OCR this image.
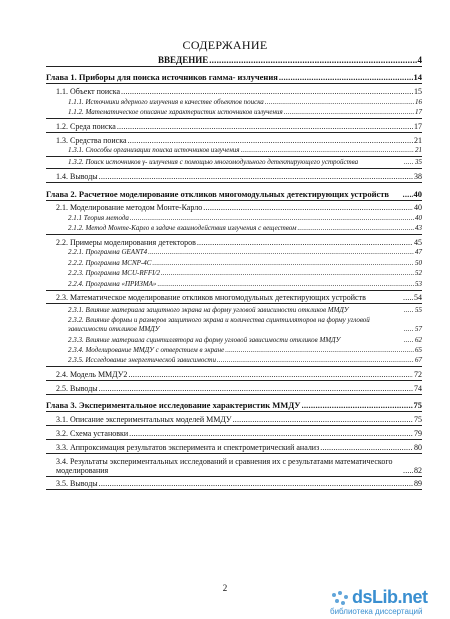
СОДЕРЖАНИЕ
ВВЕДЕНИЕ .....	4
Глава 1. Приборы для поиска источников гамма- излучения .....	14
1.1. Объект поиска .....	15
1.1.1. Источники ядерного излучения в качестве объектов поиска .....	16
1.1.2. Математическое описание характеристик источников излучения .....	17
1.2. Среда поиска .....	17
1.3. Средства поиска .....	21
1.3.1. Способы организации поиска источников излучения .....	21
1.3.2. Поиск источников γ- излучения с помощью многомодульного детектирующего устройства .....	35
1.4. Выводы .....	38
Глава 2. Расчетное моделирование откликов многомодульных детектирующих устройств .....	40
2.1. Моделирование методом Монте-Карло .....	40
2.1.1 Теория метода .....	40
2.1.2. Метод Монте-Карло в задаче взаимодействия излучения с веществом .....	43
2.2. Примеры моделирования детекторов .....	45
2.2.1. Программа GEANT4 .....	47
2.2.2. Программа MCNP-4C .....	50
2.2.3. Программа MCU-RFFI/2 .....	52
2.2.4. Программа «ПРИЗМА» .....	53
2.3. Математическое моделирование откликов многомодульных детектирующих устройств .....	54
2.3.1. Влияние материала защитного экрана на форму угловой зависимости откликов ММДУ .....	55
2.3.2. Влияние формы и размеров защитного экрана и количества сцинтилляторов на форму угловой зависимости откликов ММДУ .....	57
2.3.3. Влияние материала сцинтиллятора на форму угловой зависимости откликов ММДУ .....	62
2.3.4. Моделирование ММДУ с отверстием в экране .....	65
2.3.5. Исследование энергетической зависимости .....	67
2.4. Модель ММДУ2 .....	72
2.5. Выводы .....	74
Глава 3. Экспериментальное исследование характеристик ММДУ .....	75
3.1. Описание экспериментальных моделей ММДУ .....	75
3.2. Схема установки .....	79
3.3. Аппроксимация результатов эксперимента и спектрометрический анализ .....	80
3.4. Результаты экспериментальных исследований и сравнения их с результатами математического моделирования .....	82
3.5. Выводы .....	89
2	dsLib.net
библиотека диссертаций
